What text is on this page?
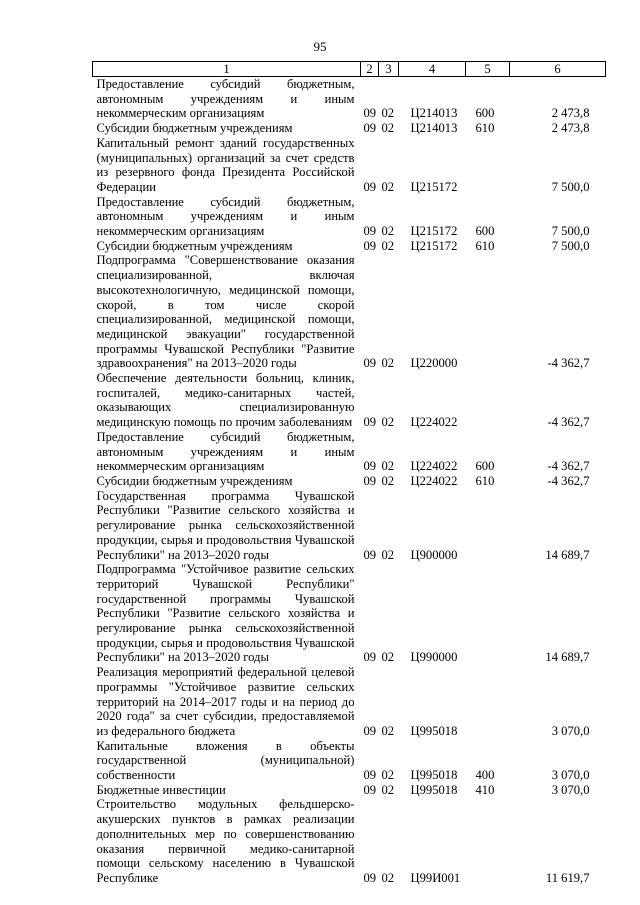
95
1	2	3	4	5	6
Предоставление субсидий бюджетным, автономным учреждениям и иным некоммерческим организациям	09	02	Ц214013	600	2 473,8
Субсидии бюджетным учреждениям	09	02	Ц214013	610	2 473,8
Капитальный ремонт зданий государственных (муниципальных) организаций за счет средств из резервного фонда Президента Российской Федерации	09	02	Ц215172		7 500,0
Предоставление субсидий бюджетным, автономным учреждениям и иным некоммерческим организациям	09	02	Ц215172	600	7 500,0
Субсидии бюджетным учреждениям	09	02	Ц215172	610	7 500,0
Подпрограмма "Совершенствование оказания специализированной, включая высокотехнологичную, медицинской помощи, скорой, в том числе скорой специализированной, медицинской помощи, медицинской эвакуации" государственной программы Чувашской Республики "Развитие здравоохранения" на 2013–2020 годы	09	02	Ц220000		-4 362,7
Обеспечение деятельности больниц, клиник, госпиталей, медико-санитарных частей, оказывающих специализированную медицинскую помощь по прочим заболеваниям	09	02	Ц224022		-4 362,7
Предоставление субсидий бюджетным, автономным учреждениям и иным некоммерческим организациям	09	02	Ц224022	600	-4 362,7
Субсидии бюджетным учреждениям	09	02	Ц224022	610	-4 362,7
Государственная программа Чувашской Республики "Развитие сельского хозяйства и регулирование рынка сельскохозяйственной продукции, сырья и продовольствия Чувашской Республики" на 2013–2020 годы	09	02	Ц900000		14 689,7
Подпрограмма "Устойчивое развитие сельских территорий Чувашской Республики" государственной программы Чувашской Республики "Развитие сельского хозяйства и регулирование рынка сельскохозяйственной продукции, сырья и продовольствия Чувашской Республики" на 2013–2020 годы	09	02	Ц990000		14 689,7
Реализация мероприятий федеральной целевой программы "Устойчивое развитие сельских территорий на 2014–2017 годы и на период до 2020 года" за счет субсидии, предоставляемой из федерального бюджета	09	02	Ц995018		3 070,0
Капитальные вложения в объекты государственной (муниципальной) собственности	09	02	Ц995018	400	3 070,0
Бюджетные инвестиции	09	02	Ц995018	410	3 070,0
Строительство модульных фельдшерско-акушерских пунктов в рамках реализации дополнительных мер по совершенствованию оказания первичной медико-санитарной помощи сельскому населению в Чувашской Республике	09	02	Ц99И001		11 619,7
